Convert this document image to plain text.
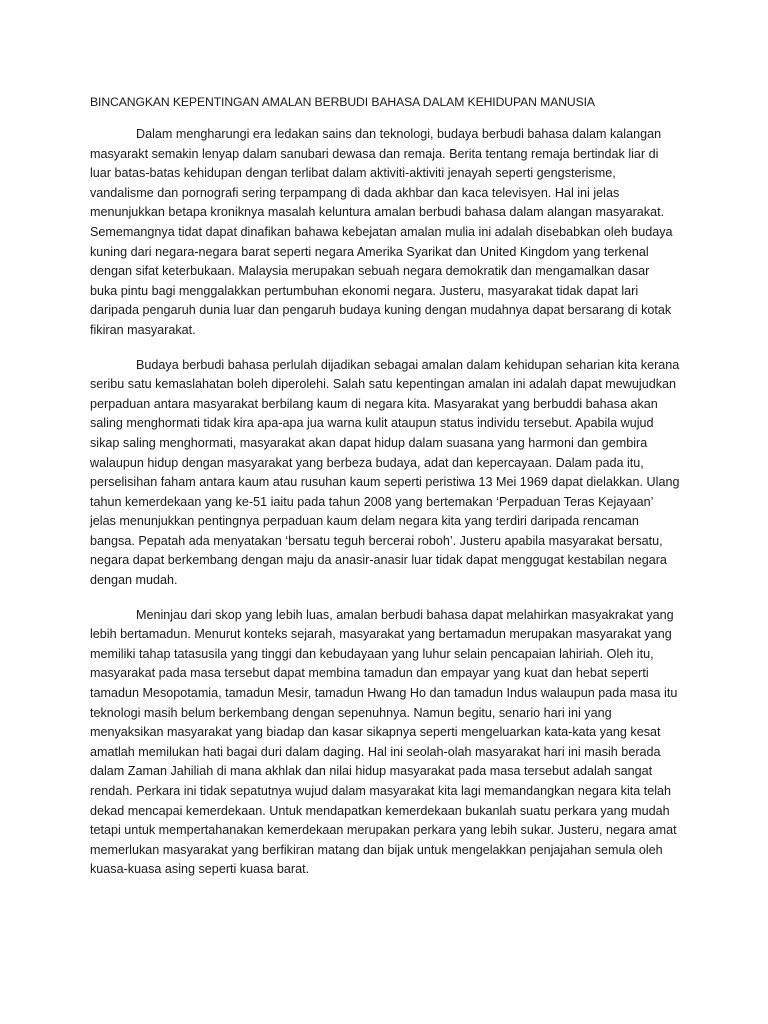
BINCANGKAN KEPENTINGAN AMALAN BERBUDI BAHASA DALAM KEHIDUPAN MANUSIA

Dalam mengharungi era ledakan sains dan teknologi, budaya berbudi bahasa dalam kalangan masyarakt semakin lenyap dalam sanubari dewasa dan remaja. Berita tentang remaja bertindak liar di luar batas-batas kehidupan dengan terlibat dalam aktiviti-aktiviti jenayah seperti gengsterisme, vandalisme dan pornografi sering terpampang di dada akhbar dan kaca televisyen. Hal ini jelas menunjukkan betapa kroniknya masalah keluntura amalan berbudi bahasa dalam alangan masyarakat. Sememangnya tidat dapat dinafikan bahawa kebejatan amalan mulia ini adalah disebabkan oleh budaya kuning dari negara-negara barat seperti negara Amerika Syarikat dan United Kingdom yang terkenal dengan sifat keterbukaan. Malaysia merupakan sebuah negara demokratik dan mengamalkan dasar buka pintu bagi menggalakkan pertumbuhan ekonomi negara. Justeru, masyarakat tidak dapat lari daripada pengaruh dunia luar dan pengaruh budaya kuning dengan mudahnya dapat bersarang di kotak fikiran masyarakat.

Budaya berbudi bahasa perlulah dijadikan sebagai amalan dalam kehidupan seharian kita kerana seribu satu kemaslahatan boleh diperolehi. Salah satu kepentingan amalan ini adalah dapat mewujudkan perpaduan antara masyarakat berbilang kaum di negara kita. Masyarakat yang berbuddi bahasa akan saling menghormati tidak kira apa-apa jua warna kulit ataupun status individu tersebut. Apabila wujud sikap saling menghormati, masyarakat akan dapat hidup dalam suasana yang harmoni dan gembira walaupun hidup dengan masyarakat yang berbeza budaya, adat dan kepercayaan. Dalam pada itu, perselisihan faham antara kaum atau rusuhan kaum seperti peristiwa 13 Mei 1969 dapat dielakkan. Ulang tahun kemerdekaan yang ke-51 iaitu pada tahun 2008 yang bertemakan ‘Perpaduan Teras Kejayaan’ jelas menunjukkan pentingnya perpaduan kaum delam negara kita yang terdiri daripada rencaman bangsa. Pepatah ada menyatakan ‘bersatu teguh bercerai roboh’. Justeru apabila masyarakat bersatu, negara dapat berkembang dengan maju da anasir-anasir luar tidak dapat menggugat kestabilan negara dengan mudah.

Meninjau dari skop yang lebih luas, amalan berbudi bahasa dapat melahirkan masyakrakat yang lebih bertamadun. Menurut konteks sejarah, masyarakat yang bertamadun merupakan masyarakat yang memiliki tahap tatasusila yang tinggi dan kebudayaan yang luhur selain pencapaian lahiriah. Oleh itu, masyarakat pada masa tersebut dapat membina tamadun dan empayar yang kuat dan hebat seperti tamadun Mesopotamia, tamadun Mesir, tamadun Hwang Ho dan tamadun Indus walaupun pada masa itu teknologi masih belum berkembang dengan sepenuhnya. Namun begitu, senario hari ini yang menyaksikan masyarakat yang biadap dan kasar sikapnya seperti mengeluarkan kata-kata yang kesat amatlah memilukan hati bagai duri dalam daging. Hal ini seolah-olah masyarakat hari ini masih berada dalam Zaman Jahiliah di mana akhlak dan nilai hidup masyarakat pada masa tersebut adalah sangat rendah. Perkara ini tidak sepatutnya wujud dalam masyarakat kita lagi memandangkan negara kita telah dekad mencapai kemerdekaan. Untuk mendapatkan kemerdekaan bukanlah suatu perkara yang mudah tetapi untuk mempertahanakan kemerdekaan merupakan perkara yang lebih sukar. Justeru, negara amat memerlukan masyarakat yang berfikiran matang dan bijak untuk mengelakkan penjajahan semula oleh kuasa-kuasa asing seperti kuasa barat.
